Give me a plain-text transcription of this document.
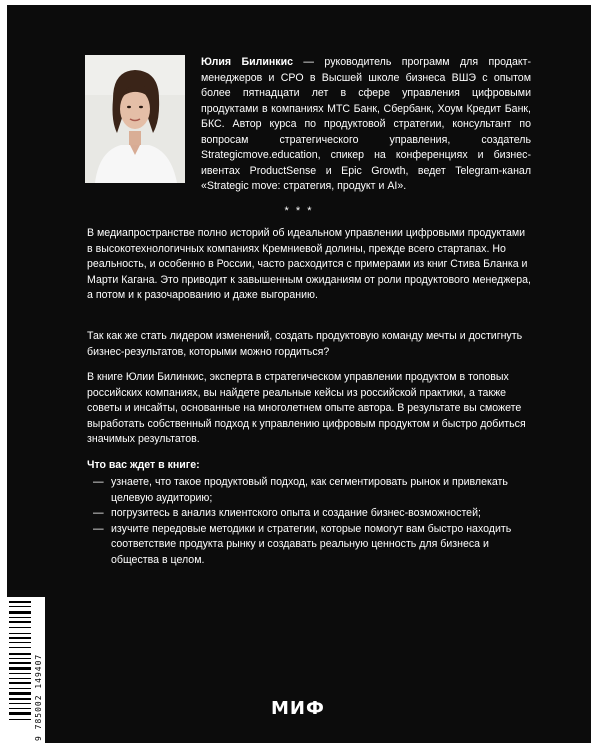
Юлия Билинкис — руководитель программ для продакт-менеджеров и CPO в Высшей школе бизнеса ВШЭ с опытом более пятнадцати лет в сфере управления цифровыми продуктами в компаниях МТС Банк, Сбербанк, Хоум Кредит Банк, БКС. Автор курса по продуктовой стратегии, консультант по вопросам стратегического управления, создатель Strategicmove.education, спикер на конференциях и бизнес-ивентах ProductSense и Epic Growth, ведет Telegram-канал «Strategic move: стратегия, продукт и AI».

* * *

В медиапространстве полно историй об идеальном управлении цифровыми продуктами в высокотехнологичных компаниях Кремниевой долины, прежде всего стартапах. Но реальность, и особенно в России, часто расходится с примерами из книг Стива Бланка и Марти Кагана. Это приводит к завышенным ожиданиям от роли продуктового менеджера, а потом и к разочарованию и даже выгоранию.

Так как же стать лидером изменений, создать продуктовую команду мечты и достигнуть бизнес-результатов, которыми можно гордиться?

В книге Юлии Билинкис, эксперта в стратегическом управлении продуктом в топовых российских компаниях, вы найдете реальные кейсы из российской практики, а также советы и инсайты, основанные на многолетнем опыте автора. В результате вы сможете выработать собственный подход к управлению цифровым продуктом и быстро добиться значимых результатов.

Что вас ждет в книге:

— узнаете, что такое продуктовый подход, как сегментировать рынок и привлекать целевую аудиторию;
— погрузитесь в анализ клиентского опыта и создание бизнес-возможностей;
— изучите передовые методики и стратегии, которые помогут вам быстро находить соответствие продукта рынку и создавать реальную ценность для бизнеса и общества в целом.
9 785002 149407	МИФ
